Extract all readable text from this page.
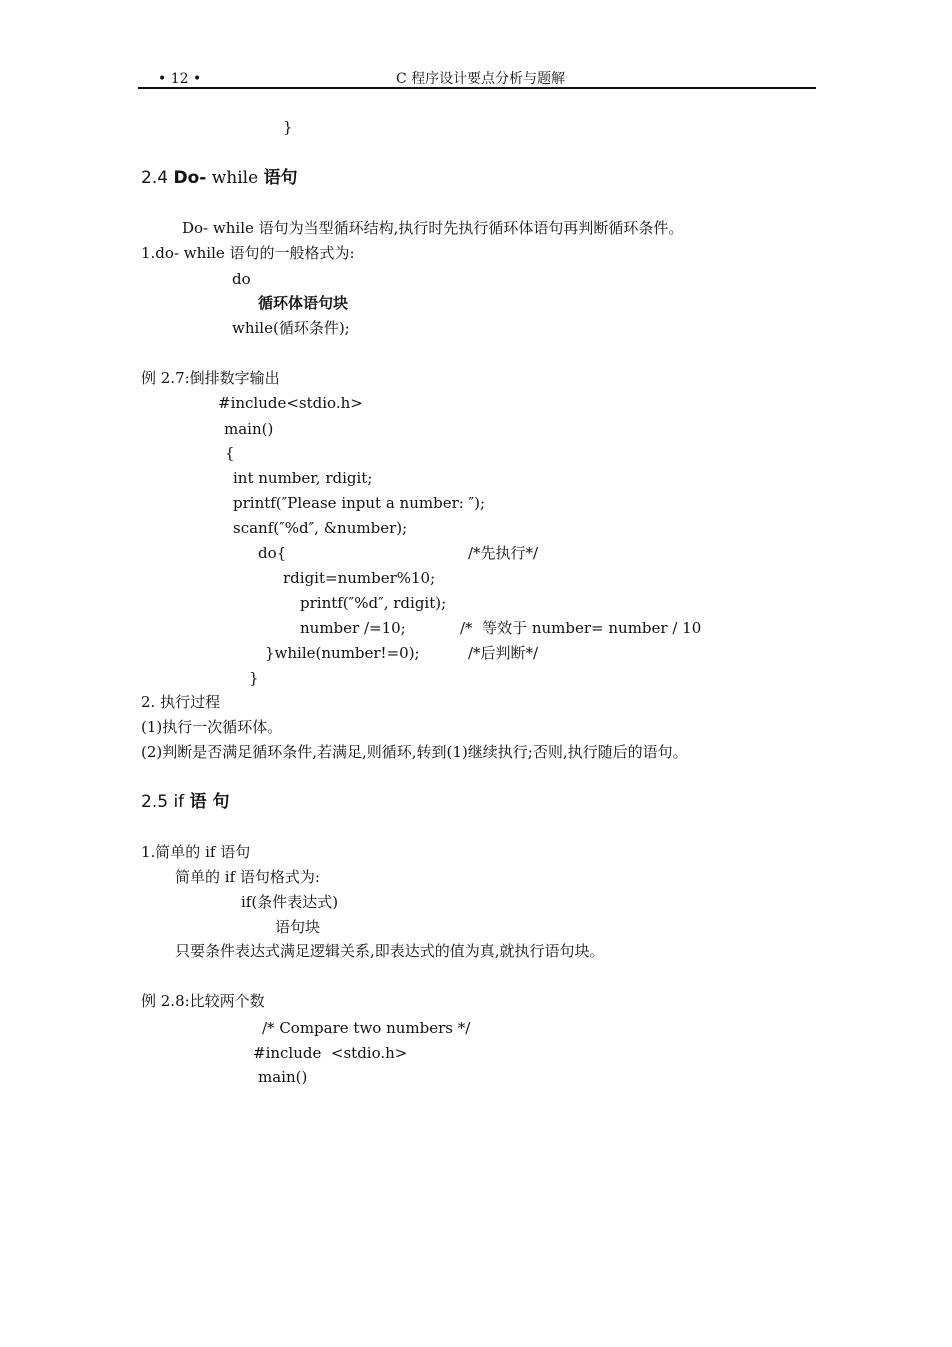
• 12 •	C 程序设计要点分析与题解
}
2.4 Do- while 语句
Do- while 语句为当型循环结构,执行时先执行循环体语句再判断循环条件。
1.do- while 语句的一般格式为:
do
循环体语句块
while(循环条件);
例 2.7:倒排数字输出
#include<stdio.h>
main()
{
int number, rdigit;
printf(″Please input a number: ″);
scanf(″%d″, &number);
do{	/*先执行*/
rdigit=number%10;
printf(″%d″, rdigit);
number /=10;	/*  等效于 number= number / 10
}while(number!=0);	/*后判断*/
}
2. 执行过程
(1)执行一次循环体。
(2)判断是否满足循环条件,若满足,则循环,转到(1)继续执行;否则,执行随后的语句。
2.5 if 语 句
1.简单的 if 语句
简单的 if 语句格式为:
if(条件表达式)
语句块
只要条件表达式满足逻辑关系,即表达式的值为真,就执行语句块。
例 2.8:比较两个数
/* Compare two numbers */
#include  <stdio.h>
main()
